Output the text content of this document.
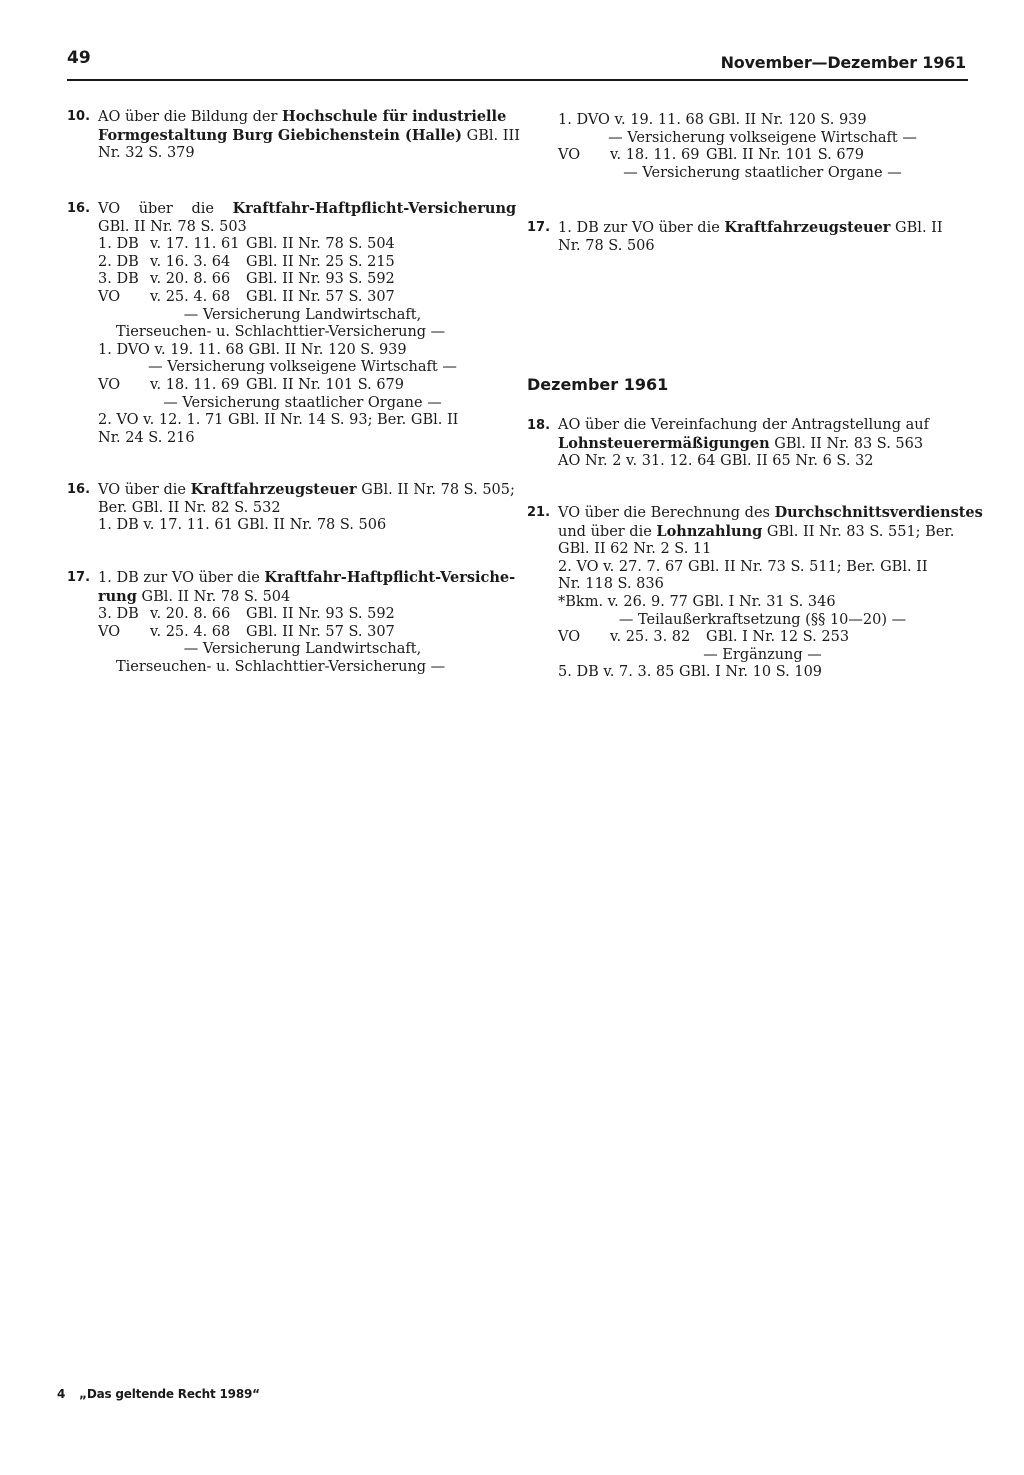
49	November—Dezember 1961
10. AO über die Bildung der Hochschule für industrielle
Formgestaltung Burg Giebichenstein (Halle) GBl. III
Nr. 32 S. 379
16. VO über die Kraftfahr-Haftpflicht-Versicherung
GBl. II Nr. 78 S. 503
1. DB	v. 17. 11. 61	GBl. II Nr. 78 S. 504
2. DB	v. 16. 3. 64	GBl. II Nr. 25 S. 215
3. DB	v. 20. 8. 66	GBl. II Nr. 93 S. 592
VO	v. 25. 4. 68	GBl. II Nr. 57 S. 307
— Versicherung Landwirtschaft,
Tierseuchen- u. Schlachttier-Versicherung —
1. DVO v. 19. 11. 68 GBl. II Nr. 120 S. 939
— Versicherung volkseigene Wirtschaft —
VO	v. 18. 11. 69	GBl. II Nr. 101 S. 679
— Versicherung staatlicher Organe —
2. VO v. 12. 1. 71 GBl. II Nr. 14 S. 93; Ber. GBl. II
Nr. 24 S. 216
16. VO über die Kraftfahrzeugsteuer GBl. II Nr. 78 S. 505;
Ber. GBl. II Nr. 82 S. 532
1. DB v. 17. 11. 61 GBl. II Nr. 78 S. 506
17. 1. DB zur VO über die Kraftfahr-Haftpflicht-Versiche-
rung GBl. II Nr. 78 S. 504
3. DB	v. 20. 8. 66	GBl. II Nr. 93 S. 592
VO	v. 25. 4. 68	GBl. II Nr. 57 S. 307
— Versicherung Landwirtschaft,
Tierseuchen- u. Schlachttier-Versicherung —
1. DVO v. 19. 11. 68 GBl. II Nr. 120 S. 939
— Versicherung volkseigene Wirtschaft —
VO	v. 18. 11. 69	GBl. II Nr. 101 S. 679
— Versicherung staatlicher Organe —
17. 1. DB zur VO über die Kraftfahrzeugsteuer GBl. II
Nr. 78 S. 506
Dezember 1961
18. AO über die Vereinfachung der Antragstellung auf
Lohnsteuerermäßigungen GBl. II Nr. 83 S. 563
AO Nr. 2 v. 31. 12. 64 GBl. II 65 Nr. 6 S. 32
21. VO über die Berechnung des Durchschnittsverdienstes
und über die Lohnzahlung GBl. II Nr. 83 S. 551; Ber.
GBl. II 62 Nr. 2 S. 11
2. VO v. 27. 7. 67 GBl. II Nr. 73 S. 511; Ber. GBl. II
Nr. 118 S. 836
*Bkm. v. 26. 9. 77 GBl. I Nr. 31 S. 346
— Teilaußerkraftsetzung (§§ 10—20) —
VO	v. 25. 3. 82	GBl. I Nr. 12 S. 253
— Ergänzung —
5. DB v. 7. 3. 85 GBl. I Nr. 10 S. 109
4 „Das geltende Recht 1989“
